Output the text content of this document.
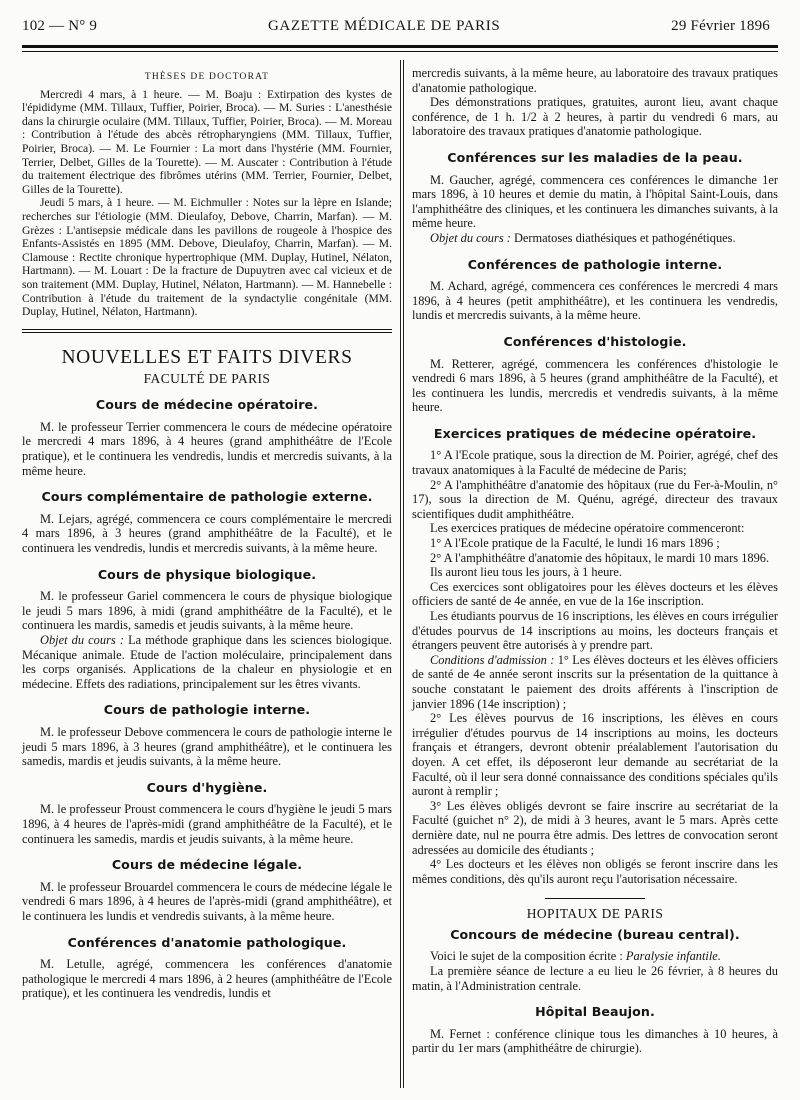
102 — N° 9	GAZETTE MÉDICALE DE PARIS	29 Février 1896
THÈSES DE DOCTORAT

Mercredi 4 mars, à 1 heure. — M. Boaju : Extirpation des kystes de l'épididyme (MM. Tillaux, Tuffier, Poirier, Broca). — M. Suries : L'anesthésie dans la chirurgie oculaire (MM. Tillaux, Tuffier, Poirier, Broca). — M. Moreau : Contribution à l'étude des abcès rétropharyngiens (MM. Tillaux, Tuffier, Poirier, Broca). — M. Le Fournier : La mort dans l'hystérie (MM. Fournier, Terrier, Delbet, Gilles de la Tourette). — M. Auscater : Contribution à l'étude du traitement électrique des fibrômes utérins (MM. Terrier, Fournier, Delbet, Gilles de la Tourette).

Jeudi 5 mars, à 1 heure. — M. Eichmuller : Notes sur la lèpre en Islande; recherches sur l'étiologie (MM. Dieulafoy, Debove, Charrin, Marfan). — M. Grèzes : L'antisepsie médicale dans les pavillons de rougeole à l'hospice des Enfants-Assistés en 1895 (MM. Debove, Dieulafoy, Charrin, Marfan). — M. Clamouse : Rectite chronique hypertrophique (MM. Duplay, Hutinel, Nélaton, Hartmann). — M. Louart : De la fracture de Dupuytren avec cal vicieux et de son traitement (MM. Duplay, Hutinel, Nélaton, Hartmann). — M. Hannebelle : Contribution à l'étude du traitement de la syndactylie congénitale (MM. Duplay, Hutinel, Nélaton, Hartmann).

NOUVELLES ET FAITS DIVERS
FACULTÉ DE PARIS
Cours de médecine opératoire.

M. le professeur Terrier commencera le cours de médecine opératoire le mercredi 4 mars 1896, à 4 heures (grand amphithéâtre de l'Ecole pratique), et le continuera les vendredis, lundis et mercredis suivants, à la même heure.

Cours complémentaire de pathologie externe.

M. Lejars, agrégé, commencera ce cours complémentaire le mercredi 4 mars 1896, à 3 heures (grand amphithéâtre de la Faculté), et le continuera les vendredis, lundis et mercredis suivants, à la même heure.

Cours de physique biologique.

M. le professeur Gariel commencera le cours de physique biologique le jeudi 5 mars 1896, à midi (grand amphithéâtre de la Faculté), et le continuera les mardis, samedis et jeudis suivants, à la même heure.

Objet du cours : La méthode graphique dans les sciences biologique. Mécanique animale. Etude de l'action moléculaire, principalement dans les corps organisés. Applications de la chaleur en physiologie et en médecine. Effets des radiations, principalement sur les êtres vivants.

Cours de pathologie interne.

M. le professeur Debove commencera le cours de pathologie interne le jeudi 5 mars 1896, à 3 heures (grand amphithéâtre), et le continuera les samedis, mardis et jeudis suivants, à la même heure.

Cours d'hygiène.

M. le professeur Proust commencera le cours d'hygiène le jeudi 5 mars 1896, à 4 heures de l'après-midi (grand amphithéâtre de la Faculté), et le continuera les samedis, mardis et jeudis suivants, à la même heure.

Cours de médecine légale.

M. le professeur Brouardel commencera le cours de médecine légale le vendredi 6 mars 1896, à 4 heures de l'après-midi (grand amphithéâtre), et le continuera les lundis et vendredis suivants, à la même heure.

Conférences d'anatomie pathologique.

M. Letulle, agrégé, commencera les conférences d'anatomie pathologique le mercredi 4 mars 1896, à 2 heures (amphithéâtre de l'Ecole pratique), et les continuera les vendredis, lundis et

mercredis suivants, à la même heure, au laboratoire des travaux pratiques d'anatomie pathologique.

Des démonstrations pratiques, gratuites, auront lieu, avant chaque conférence, de 1 h. 1/2 à 2 heures, à partir du vendredi 6 mars, au laboratoire des travaux pratiques d'anatomie pathologique.

Conférences sur les maladies de la peau.

M. Gaucher, agrégé, commencera ces conférences le dimanche 1er mars 1896, à 10 heures et demie du matin, à l'hôpital Saint-Louis, dans l'amphithéâtre des cliniques, et les continuera les dimanches suivants, à la même heure.

Objet du cours : Dermatoses diathésiques et pathogénétiques.

Conférences de pathologie interne.

M. Achard, agrégé, commencera ces conférences le mercredi 4 mars 1896, à 4 heures (petit amphithéâtre), et les continuera les vendredis, lundis et mercredis suivants, à la même heure.

Conférences d'histologie.

M. Retterer, agrégé, commencera les conférences d'histologie le vendredi 6 mars 1896, à 5 heures (grand amphithéâtre de la Faculté), et les continuera les lundis, mercredis et vendredis suivants, à la même heure.

Exercices pratiques de médecine opératoire.

1° A l'Ecole pratique, sous la direction de M. Poirier, agrégé, chef des travaux anatomiques à la Faculté de médecine de Paris;

2° A l'amphithéâtre d'anatomie des hôpitaux (rue du Fer-à-Moulin, n° 17), sous la direction de M. Quénu, agrégé, directeur des travaux scientifiques dudit amphithéâtre.

Les exercices pratiques de médecine opératoire commenceront:

1° A l'Ecole pratique de la Faculté, le lundi 16 mars 1896 ;

2° A l'amphithéâtre d'anatomie des hôpitaux, le mardi 10 mars 1896.

Ils auront lieu tous les jours, à 1 heure.

Ces exercices sont obligatoires pour les élèves docteurs et les élèves officiers de santé de 4e année, en vue de la 16e inscription.

Les étudiants pourvus de 16 inscriptions, les élèves en cours irrégulier d'études pourvus de 14 inscriptions au moins, les docteurs français et étrangers peuvent être autorisés à y prendre part.

Conditions d'admission : 1° Les élèves docteurs et les élèves officiers de santé de 4e année seront inscrits sur la présentation de la quittance à souche constatant le paiement des droits afférents à l'inscription de janvier 1896 (14e inscription) ;

2° Les élèves pourvus de 16 inscriptions, les élèves en cours irrégulier d'études pourvus de 14 inscriptions au moins, les docteurs français et étrangers, devront obtenir préalablement l'autorisation du doyen. A cet effet, ils déposeront leur demande au secrétariat de la Faculté, où il leur sera donné connaissance des conditions spéciales qu'ils auront à remplir ;

3° Les élèves obligés devront se faire inscrire au secrétariat de la Faculté (guichet n° 2), de midi à 3 heures, avant le 5 mars. Après cette dernière date, nul ne pourra être admis. Des lettres de convocation seront adressées au domicile des étudiants ;

4° Les docteurs et les élèves non obligés se feront inscrire dans les mêmes conditions, dès qu'ils auront reçu l'autorisation nécessaire.

HOPITAUX DE PARIS
Concours de médecine (bureau central).

Voici le sujet de la composition écrite : Paralysie infantile.

La première séance de lecture a eu lieu le 26 février, à 8 heures du matin, à l'Administration centrale.

Hôpital Beaujon.

M. Fernet : conférence clinique tous les dimanches à 10 heures, à partir du 1er mars (amphithéâtre de chirurgie).
